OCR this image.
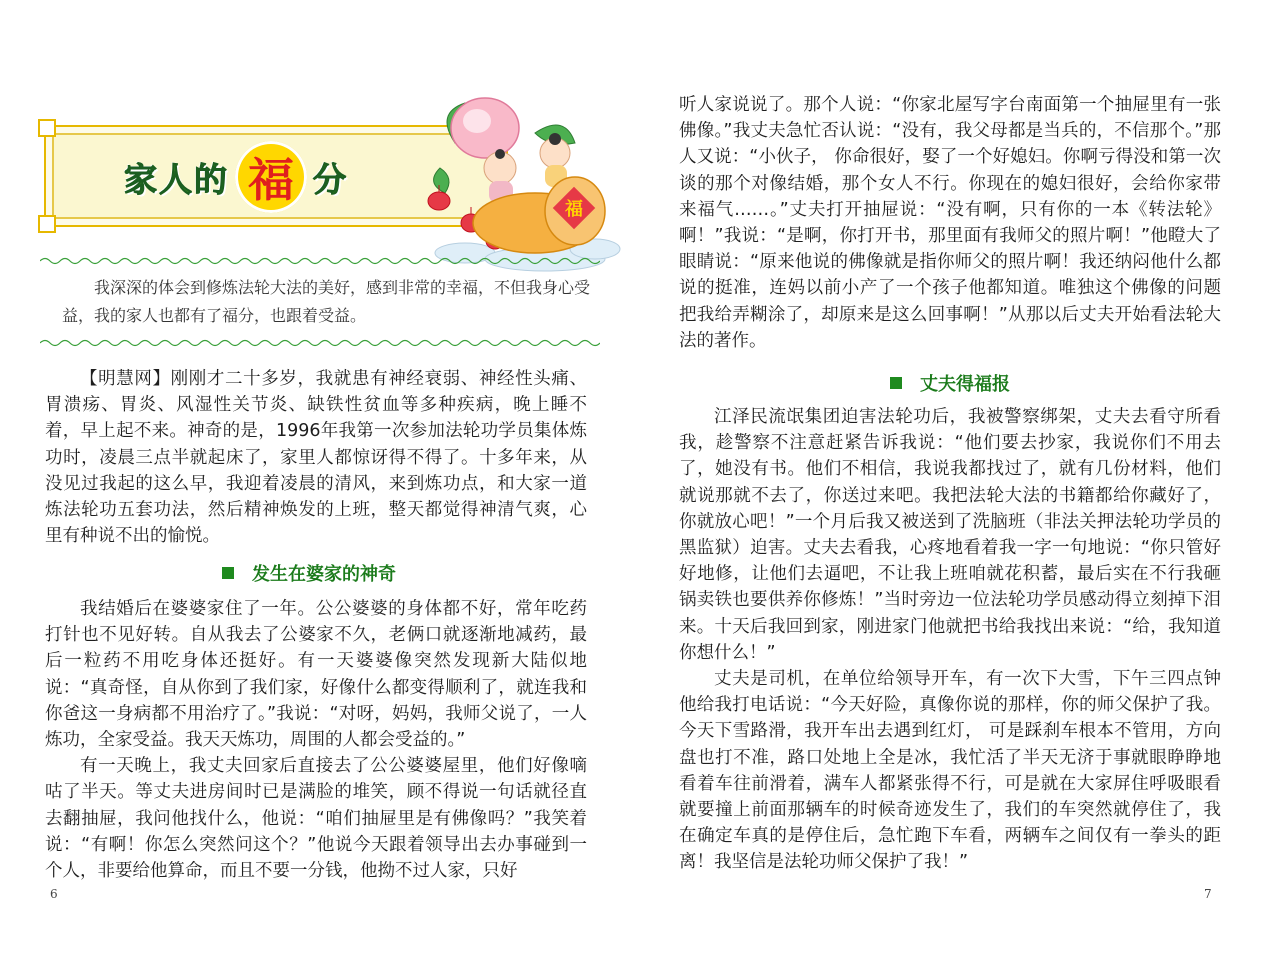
家人的 福 分
福

我深深的体会到修炼法轮大法的美好，感到非常的幸福，不但我身心受益，我的家人也都有了福分，也跟着受益。

【明慧网】刚刚才二十多岁，我就患有神经衰弱、神经性头痛、胃溃疡、胃炎、风湿性关节炎、缺铁性贫血等多种疾病，晚上睡不着，早上起不来。神奇的是，1996年我第一次参加法轮功学员集体炼功时，凌晨三点半就起床了，家里人都惊讶得不得了。十多年来，从没见过我起的这么早，我迎着凌晨的清风，来到炼功点，和大家一道炼法轮功五套功法，然后精神焕发的上班，整天都觉得神清气爽，心里有种说不出的愉悦。

发生在婆家的神奇

我结婚后在婆婆家住了一年。公公婆婆的身体都不好，常年吃药打针也不见好转。自从我去了公婆家不久，老俩口就逐渐地减药，最后一粒药不用吃身体还挺好。有一天婆婆像突然发现新大陆似地说：“真奇怪，自从你到了我们家，好像什么都变得顺利了，就连我和你爸这一身病都不用治疗了。”我说：“对呀，妈妈，我师父说了，一人炼功，全家受益。我天天炼功，周围的人都会受益的。”

有一天晚上，我丈夫回家后直接去了公公婆婆屋里，他们好像嘀咕了半天。等丈夫进房间时已是满脸的堆笑，顾不得说一句话就径直去翻抽屉，我问他找什么，他说：“咱们抽屉里是有佛像吗？”我笑着说：“有啊！你怎么突然问这个？”他说今天跟着领导出去办事碰到一个人，非要给他算命，而且不要一分钱，他拗不过人家，只好

6

听人家说说了。那个人说：“你家北屋写字台南面第一个抽屉里有一张佛像。”我丈夫急忙否认说：“没有，我父母都是当兵的，不信那个。”那人又说：“小伙子， 你命很好，娶了一个好媳妇。你啊亏得没和第一次谈的那个对像结婚，那个女人不行。你现在的媳妇很好，会给你家带来福气……。”丈夫打开抽屉说：“没有啊，只有你的一本《转法轮》啊！”我说：“是啊，你打开书，那里面有我师父的照片啊！”他瞪大了眼睛说：“原来他说的佛像就是指你师父的照片啊！我还纳闷他什么都说的挺准，连妈以前小产了一个孩子他都知道。唯独这个佛像的问题把我给弄糊涂了，却原来是这么回事啊！”从那以后丈夫开始看法轮大法的著作。

丈夫得福报

江泽民流氓集团迫害法轮功后，我被警察绑架，丈夫去看守所看我，趁警察不注意赶紧告诉我说：“他们要去抄家，我说你们不用去了，她没有书。他们不相信，我说我都找过了，就有几份材料，他们就说那就不去了，你送过来吧。我把法轮大法的书籍都给你藏好了，你就放心吧！”一个月后我又被送到了洗脑班（非法关押法轮功学员的黑监狱）迫害。丈夫去看我，心疼地看着我一字一句地说：“你只管好好地修，让他们去逼吧，不让我上班咱就花积蓄，最后实在不行我砸锅卖铁也要供养你修炼！”当时旁边一位法轮功学员感动得立刻掉下泪来。十天后我回到家，刚进家门他就把书给我找出来说：“给，我知道你想什么！”

丈夫是司机，在单位给领导开车，有一次下大雪，下午三四点钟他给我打电话说：“今天好险，真像你说的那样，你的师父保护了我。今天下雪路滑，我开车出去遇到红灯， 可是踩刹车根本不管用，方向盘也打不准，路口处地上全是冰，我忙活了半天无济于事就眼睁睁地看着车往前滑着，满车人都紧张得不行，可是就在大家屏住呼吸眼看就要撞上前面那辆车的时候奇迹发生了，我们的车突然就停住了，我在确定车真的是停住后，急忙跑下车看，两辆车之间仅有一拳头的距离！我坚信是法轮功师父保护了我！”

7
